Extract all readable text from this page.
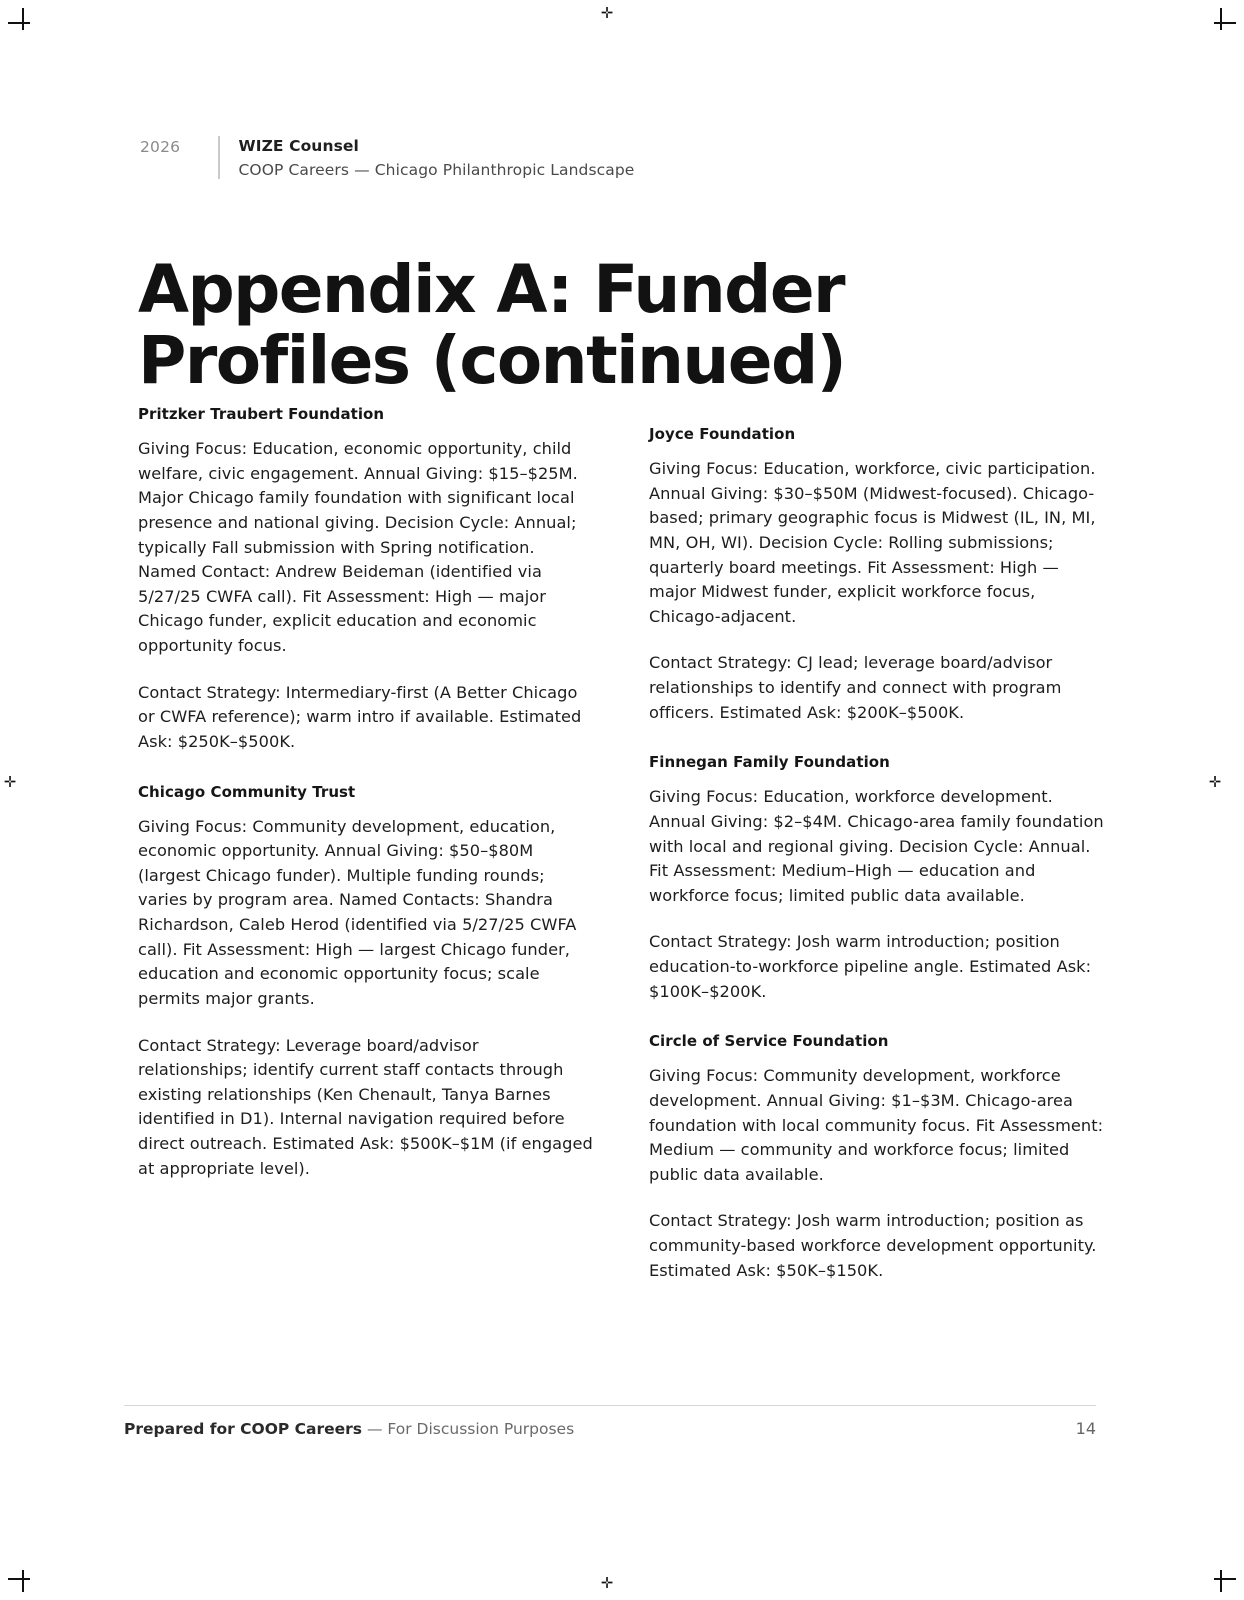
✛
✛
✛	✛
2026	WIZE Counsel
COOP Careers — Chicago Philanthropic Landscape
Appendix A: Funder Profiles (continued)
Pritzker Traubert Foundation

Giving Focus: Education, economic opportunity, child welfare, civic engagement. Annual Giving: $15–$25M. Major Chicago family foundation with significant local presence and national giving. Decision Cycle: Annual; typically Fall submission with Spring notification. Named Contact: Andrew Beideman (identified via 5/27/25 CWFA call). Fit Assessment: High — major Chicago funder, explicit education and economic opportunity focus.

Contact Strategy: Intermediary-first (A Better Chicago or CWFA reference); warm intro if available. Estimated Ask: $250K–$500K.

Chicago Community Trust

Giving Focus: Community development, education, economic opportunity. Annual Giving: $50–$80M (largest Chicago funder). Multiple funding rounds; varies by program area. Named Contacts: Shandra Richardson, Caleb Herod (identified via 5/27/25 CWFA call). Fit Assessment: High — largest Chicago funder, education and economic opportunity focus; scale permits major grants.

Contact Strategy: Leverage board/advisor relationships; identify current staff contacts through existing relationships (Ken Chenault, Tanya Barnes identified in D1). Internal navigation required before direct outreach. Estimated Ask: $500K–$1M (if engaged at appropriate level).

Joyce Foundation

Giving Focus: Education, workforce, civic participation. Annual Giving: $30–$50M (Midwest-focused). Chicago-based; primary geographic focus is Midwest (IL, IN, MI, MN, OH, WI). Decision Cycle: Rolling submissions; quarterly board meetings. Fit Assessment: High — major Midwest funder, explicit workforce focus, Chicago-adjacent.

Contact Strategy: CJ lead; leverage board/advisor relationships to identify and connect with program officers. Estimated Ask: $200K–$500K.

Finnegan Family Foundation

Giving Focus: Education, workforce development. Annual Giving: $2–$4M. Chicago-area family foundation with local and regional giving. Decision Cycle: Annual. Fit Assessment: Medium–High — education and workforce focus; limited public data available.

Contact Strategy: Josh warm introduction; position education-to-workforce pipeline angle. Estimated Ask: $100K–$200K.

Circle of Service Foundation

Giving Focus: Community development, workforce development. Annual Giving: $1–$3M. Chicago-area foundation with local community focus. Fit Assessment: Medium — community and workforce focus; limited public data available.

Contact Strategy: Josh warm introduction; position as community-based workforce development opportunity. Estimated Ask: $50K–$150K.

Prepared for COOP Careers — For Discussion Purposes	14
